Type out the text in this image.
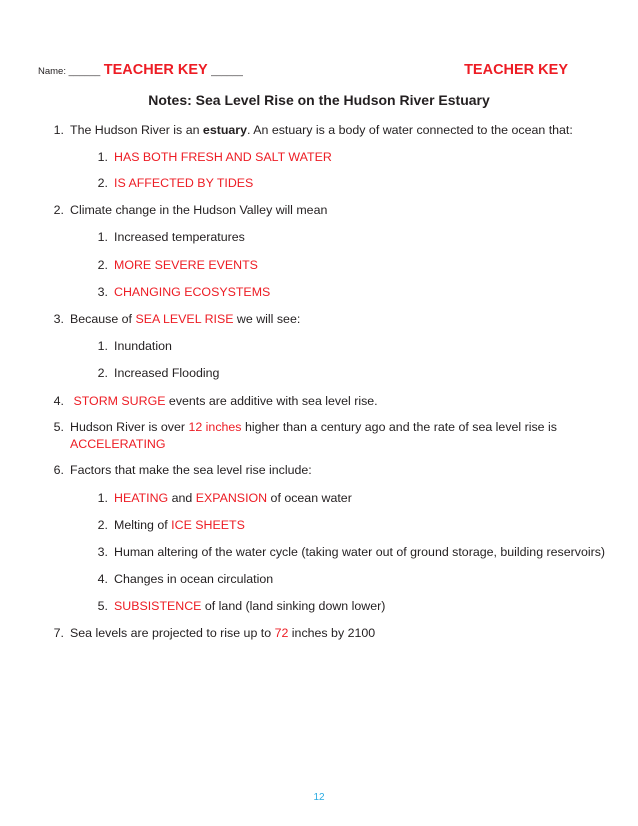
Name: ______ TEACHER KEY ______	TEACHER KEY
Notes: Sea Level Rise on the Hudson River Estuary
1. The Hudson River is an estuary. An estuary is a body of water connected to the ocean that:
1. HAS BOTH FRESH AND SALT WATER
2. IS AFFECTED BY TIDES
2. Climate change in the Hudson Valley will mean
1. Increased temperatures
2. MORE SEVERE EVENTS
3. CHANGING ECOSYSTEMS
3. Because of SEA LEVEL RISE we will see:
1. Inundation
2. Increased Flooding
4. STORM SURGE events are additive with sea level rise.
5. Hudson River is over 12 inches higher than a century ago and the rate of sea level rise is
ACCELERATING
6. Factors that make the sea level rise include:
1. HEATING and EXPANSION of ocean water
2. Melting of ICE SHEETS
3. Human altering of the water cycle (taking water out of ground storage, building reservoirs)
4. Changes in ocean circulation
5. SUBSISTENCE of land (land sinking down lower)
7. Sea levels are projected to rise up to 72 inches by 2100
12
